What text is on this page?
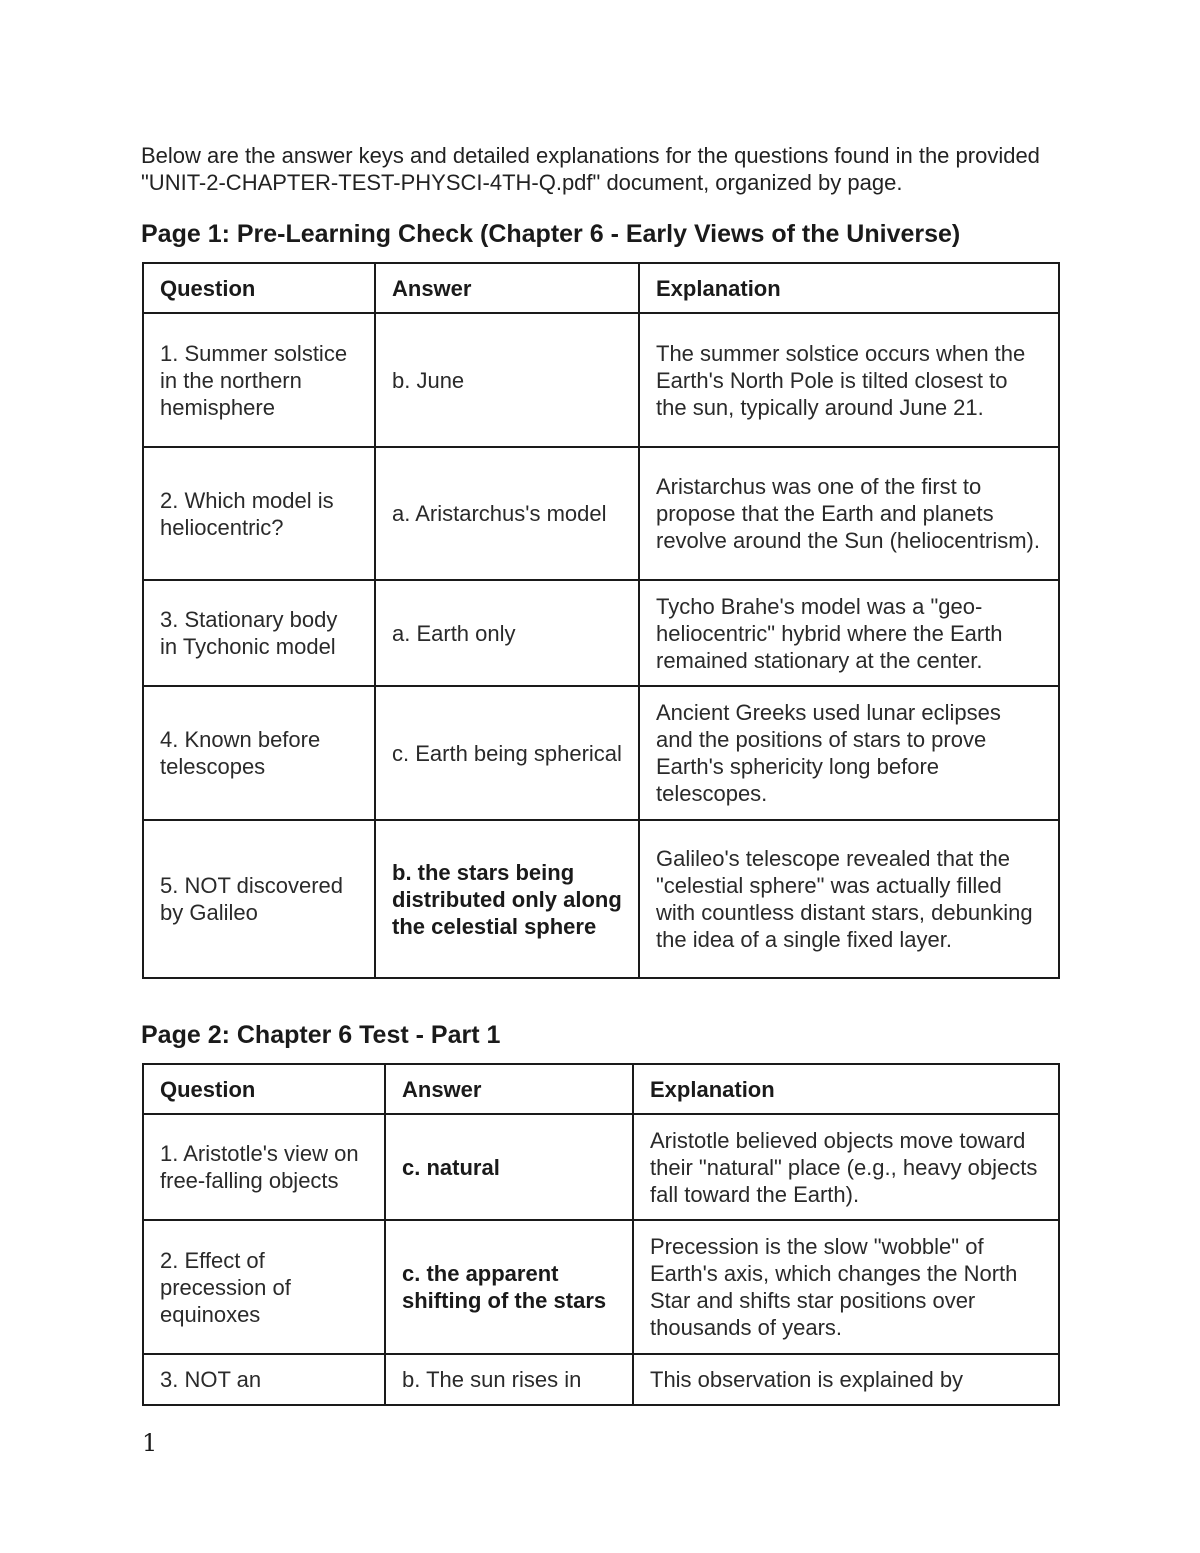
Below are the answer keys and detailed explanations for the questions found in the provided "UNIT-2-CHAPTER-TEST-PHYSCI-4TH-Q.pdf" document, organized by page.
Page 1: Pre-Learning Check (Chapter 6 - Early Views of the Universe)
Question	Answer	Explanation
1. Summer solstice in the northern hemisphere	b. June	The summer solstice occurs when the Earth's North Pole is tilted closest to the sun, typically around June 21.
2. Which model is heliocentric?	a. Aristarchus's model	Aristarchus was one of the first to propose that the Earth and planets revolve around the Sun (heliocentrism).
3. Stationary body in Tychonic model	a. Earth only	Tycho Brahe's model was a "geo-heliocentric" hybrid where the Earth remained stationary at the center.
4. Known before telescopes	c. Earth being spherical	Ancient Greeks used lunar eclipses and the positions of stars to prove Earth's sphericity long before telescopes.
5. NOT discovered by Galileo	b. the stars being distributed only along the celestial sphere	Galileo's telescope revealed that the "celestial sphere" was actually filled with countless distant stars, debunking the idea of a single fixed layer.
Page 2: Chapter 6 Test - Part 1
Question	Answer	Explanation
1. Aristotle's view on free-falling objects	c. natural	Aristotle believed objects move toward their "natural" place (e.g., heavy objects fall toward the Earth).
2. Effect of precession of equinoxes	c. the apparent shifting of the stars	Precession is the slow "wobble" of Earth's axis, which changes the North Star and shifts star positions over thousands of years.
3. NOT an	b. The sun rises in	This observation is explained by
1
